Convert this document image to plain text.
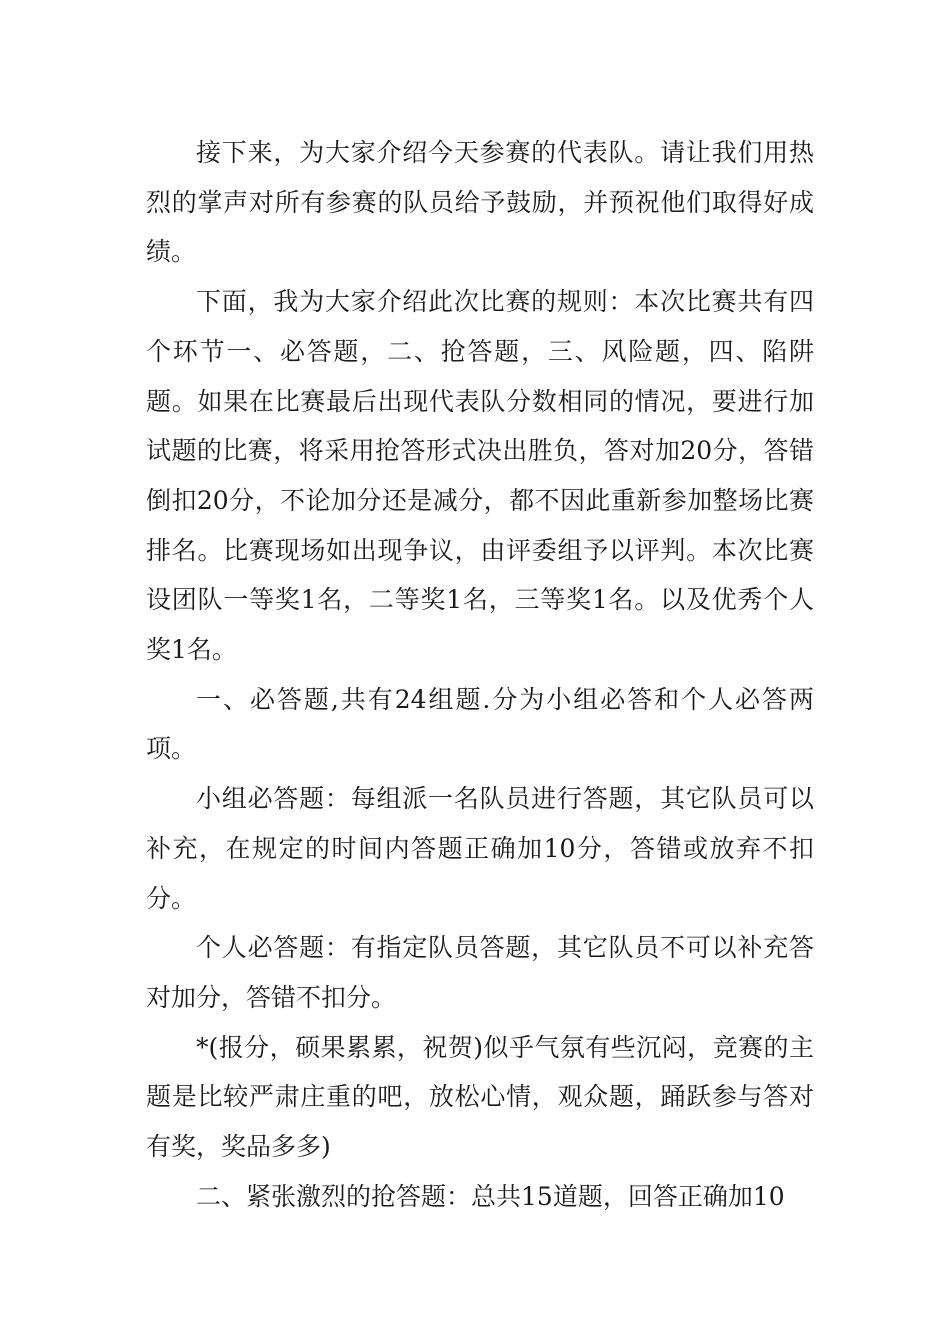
接下来，为大家介绍今天参赛的代表队。请让我们用热烈的掌声对所有参赛的队员给予鼓励，并预祝他们取得好成绩。

下面，我为大家介绍此次比赛的规则：本次比赛共有四个环节一、必答题，二、抢答题，三、风险题，四、陷阱题。如果在比赛最后出现代表队分数相同的情况，要进行加试题的比赛，将采用抢答形式决出胜负，答对加20分，答错倒扣20分，不论加分还是减分，都不因此重新参加整场比赛排名。比赛现场如出现争议，由评委组予以评判。本次比赛设团队一等奖1名，二等奖1名，三等奖1名。以及优秀个人奖1名。

一、必答题,共有24组题.分为小组必答和个人必答两项。

小组必答题：每组派一名队员进行答题，其它队员可以补充，在规定的时间内答题正确加10分，答错或放弃不扣分。

个人必答题：有指定队员答题，其它队员不可以补充答对加分，答错不扣分。

*(报分，硕果累累，祝贺)似乎气氛有些沉闷，竞赛的主题是比较严肃庄重的吧，放松心情，观众题，踊跃参与答对有奖，奖品多多)

二、紧张激烈的抢答题：总共15道题，回答正确加10
